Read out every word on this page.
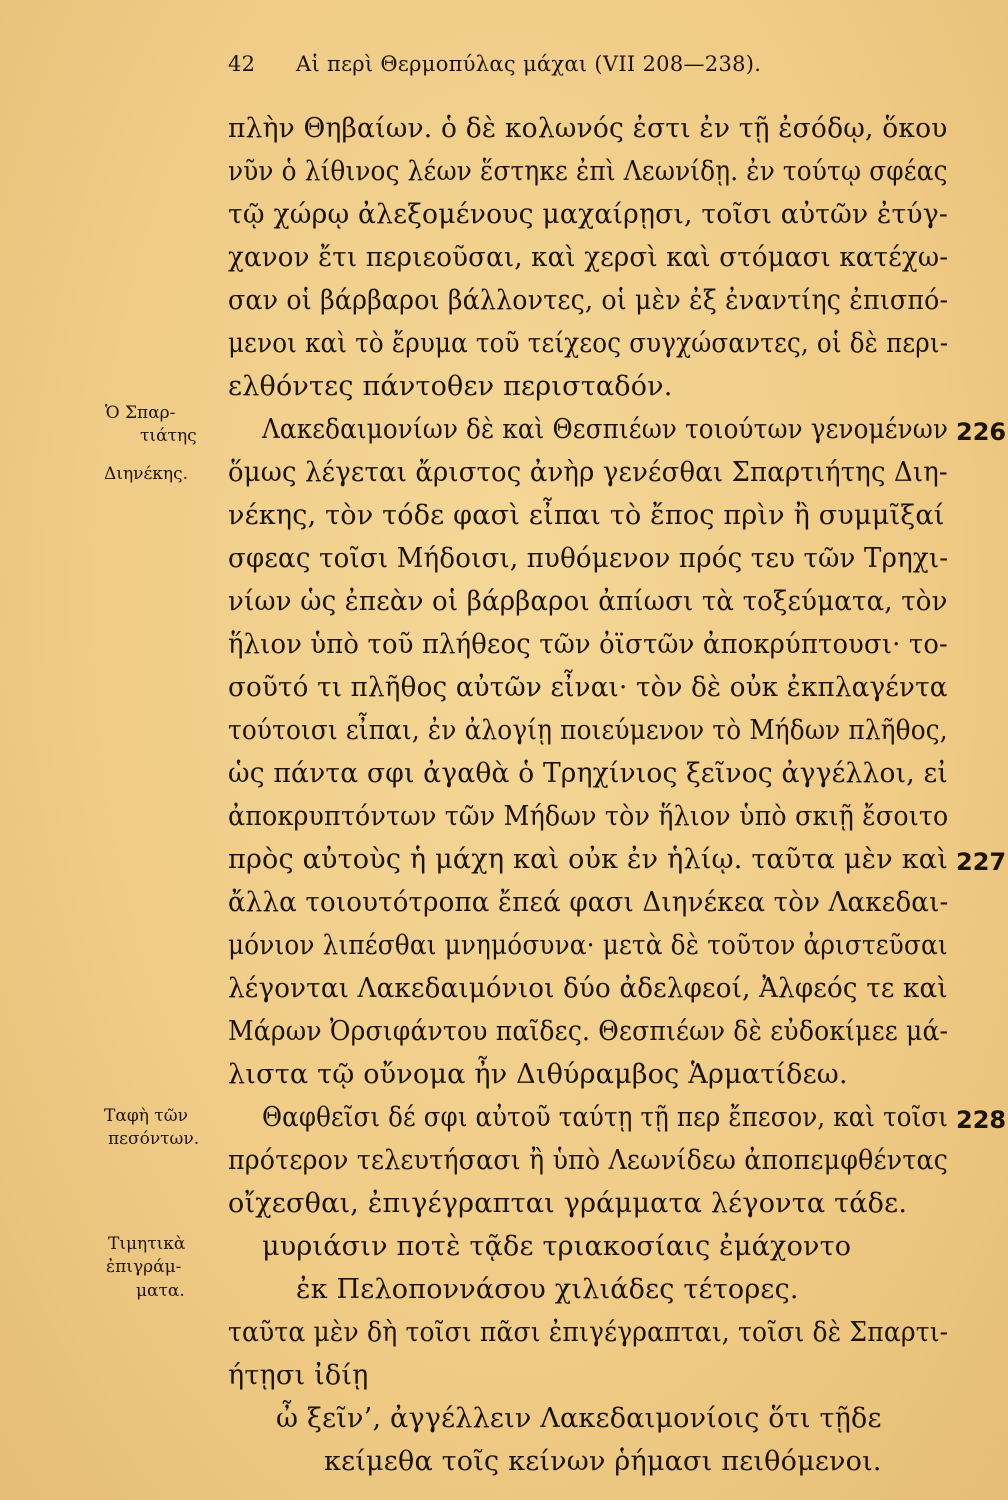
42 Αἱ περὶ Θερμοπύλας μάχαι (VII 208—238).
πλὴν Θηβαίων. ὁ δὲ κολωνός ἐστι ἐν τῇ ἐσόδῳ, ὅκου
νῦν ὁ λίθινος λέων ἕστηκε ἐπὶ Λεωνίδῃ. ἐν τούτῳ σφέας
τῷ χώρῳ ἀλεξομένους μαχαίρῃσι, τοῖσι αὐτῶν ἐτύγ-
χανον ἔτι περιεοῦσαι, καὶ χερσὶ καὶ στόμασι κατέχω-
σαν οἱ βάρβαροι βάλλοντες, οἱ μὲν ἐξ ἐναντίης ἐπισπό-
μενοι καὶ τὸ ἔρυμα τοῦ τείχεος συγχώσαντες, οἱ δὲ περι-
ελθόντες πάντοθεν περισταδόν.
Λακεδαιμονίων δὲ καὶ Θεσπιέων τοιούτων γενομένων
ὅμως λέγεται ἄριστος ἀνὴρ γενέσθαι Σπαρτιήτης Διη-
νέκης, τὸν τόδε φασὶ εἶπαι τὸ ἔπος πρὶν ἢ συμμῖξαί
σφεας τοῖσι Μήδοισι, πυθόμενον πρός τευ τῶν Τρηχι-
νίων ὡς ἐπεὰν οἱ βάρβαροι ἀπίωσι τὰ τοξεύματα, τὸν
ἥλιον ὑπὸ τοῦ πλήθεος τῶν ὀϊστῶν ἀποκρύπτουσι· το-
σοῦτό τι πλῆθος αὐτῶν εἶναι· τὸν δὲ οὐκ ἐκπλαγέντα
τούτοισι εἶπαι, ἐν ἀλογίῃ ποιεύμενον τὸ Μήδων πλῆθος,
ὡς πάντα σφι ἀγαθὰ ὁ Τρηχίνιος ξεῖνος ἀγγέλλοι, εἰ
ἀποκρυπτόντων τῶν Μήδων τὸν ἥλιον ὑπὸ σκιῇ ἔσοιτο
πρὸς αὐτοὺς ἡ μάχη καὶ οὐκ ἐν ἡλίῳ. ταῦτα μὲν καὶ
ἄλλα τοιουτότροπα ἔπεά φασι Διηνέκεα τὸν Λακεδαι-
μόνιον λιπέσθαι μνημόσυνα· μετὰ δὲ τοῦτον ἀριστεῦσαι
λέγονται Λακεδαιμόνιοι δύο ἀδελφεοί, Ἀλφεός τε καὶ
Μάρων Ὀρσιφάντου παῖδες. Θεσπιέων δὲ εὐδοκίμεε μά-
λιστα τῷ οὔνομα ἦν Διθύραμβος Ἁρματίδεω.
Θαφθεῖσι δέ σφι αὐτοῦ ταύτῃ τῇ περ ἔπεσον, καὶ τοῖσι
πρότερον τελευτήσασι ἢ ὑπὸ Λεωνίδεω ἀποπεμφθέντας
οἴχεσθαι, ἐπιγέγραπται γράμματα λέγοντα τάδε.
μυριάσιν ποτὲ τᾷδε τριακοσίαις ἐμάχοντο
ἐκ Πελοποννάσου χιλιάδες τέτορες.
ταῦτα μὲν δὴ τοῖσι πᾶσι ἐπιγέγραπται, τοῖσι δὲ Σπαρτι-
ήτῃσι ἰδίῃ
ὦ ξεῖν’, ἀγγέλλειν Λακεδαιμονίοις ὅτι τῇδε
κείμεθα τοῖς κείνων ῥήμασι πειθόμενοι.
Ὁ Σπαρ-
τιάτης
Διηνέκης.
Ταφὴ τῶν
πεσόντων.
Τιμητικὰ
ἐπιγράμ-
ματα.
226
227
228
